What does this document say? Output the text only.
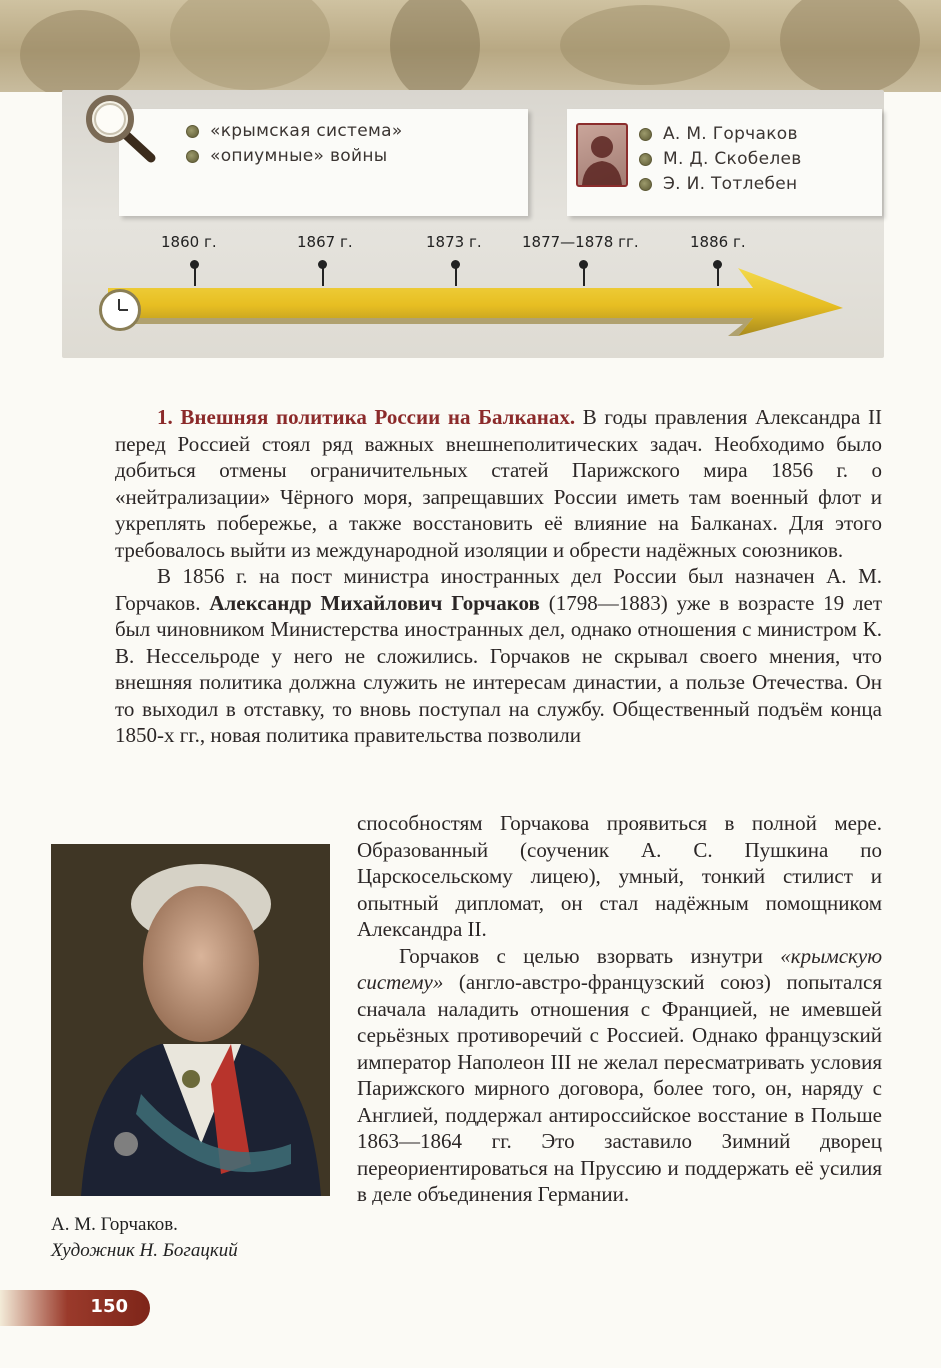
«крымская система»
«опиумные» войны
А. М. Горчаков
М. Д. Скобелев
Э. И. Тотлебен
1860 г.	1867 г.	1873 г.	1877—1878 гг.	1886 г.

1. Внешняя политика России на Балканах. В годы правления Александра II перед Россией стоял ряд важных внешнеполитических задач. Необходимо было добиться отмены ограничительных статей Парижского мира 1856 г. о «нейтрализации» Чёрного моря, запрещавших России иметь там военный флот и укреплять побережье, а также восстановить её влияние на Балканах. Для этого требовалось выйти из международной изоляции и обрести надёжных союзников.

В 1856 г. на пост министра иностранных дел России был назначен А. М. Горчаков. Александр Михайлович Горчаков (1798—1883) уже в возрасте 19 лет был чиновником Министерства иностранных дел, однако отношения с министром К. В. Нессельроде у него не сложились. Горчаков не скрывал своего мнения, что внешняя политика должна служить не интересам династии, а пользе Отечества. Он то выходил в отставку, то вновь поступал на службу. Общественный подъём конца 1850-х гг., новая политика правительства позволили

способностям Горчакова проявиться в полной мере. Образованный (соученик А. С. Пушкина по Царскосельскому лицею), умный, тонкий стилист и опытный дипломат, он стал надёжным помощником Александра II.

Горчаков с целью взорвать изнутри «крымскую систему» (англо-австро-французский союз) попытался сначала наладить отношения с Францией, не имевшей серьёзных противоречий с Россией. Однако французский император Наполеон III не желал пересматривать условия Парижского мирного договора, более того, он, наряду с Англией, поддержал антироссийское восстание в Польше 1863—1864 гг. Это заставило Зимний дворец переориентироваться на Пруссию и поддержать её усилия в деле объединения Германии.

А. М. Горчаков.
Художник Н. Богацкий
150
